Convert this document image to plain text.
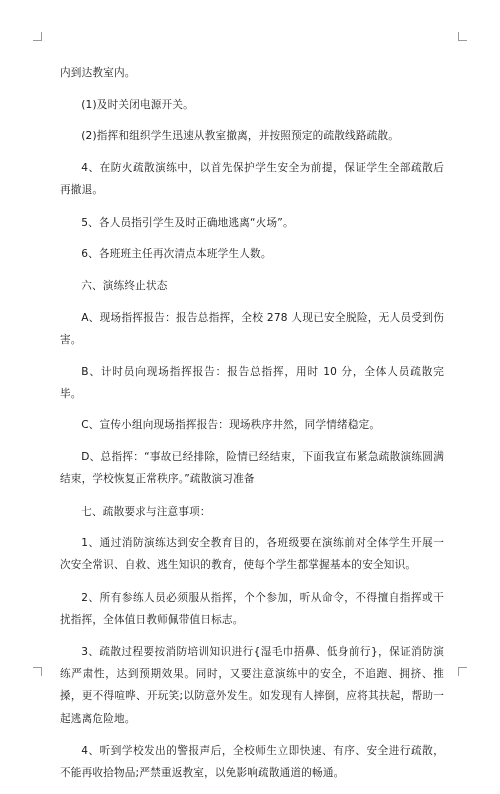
内到达教室内。

(1)及时关闭电源开关。

(2)指挥和组织学生迅速从教室撤离，并按照预定的疏散线路疏散。

4、在防火疏散演练中，以首先保护学生安全为前提，保证学生全部疏散后再撤退。

5、各人员指引学生及时正确地逃离“火场”。

6、各班班主任再次清点本班学生人数。

六、演练终止状态

A、现场指挥报告：报告总指挥，全校 278 人现已安全脱险，无人员受到伤害。

B、计时员向现场指挥报告：报告总指挥，用时 10 分，全体人员疏散完毕。

C、宣传小组向现场指挥报告：现场秩序井然，同学情绪稳定。

D、总指挥：“事故已经排除，险情已经结束，下面我宣布紧急疏散演练圆满结束，学校恢复正常秩序。”疏散演习准备

七、疏散要求与注意事项：

1、通过消防演练达到安全教育目的，各班级要在演练前对全体学生开展一次安全常识、自救、逃生知识的教育，使每个学生都掌握基本的安全知识。

2、所有参练人员必须服从指挥，个个参加，听从命令，不得擅自指挥或干扰指挥，全体值日教师佩带值日标志。

3、疏散过程要按消防培训知识进行{湿毛巾捂鼻、低身前行}，保证消防演练严肃性，达到预期效果。同时，又要注意演练中的安全，不追跑、拥挤、推搡，更不得喧哗、开玩笑;以防意外发生。如发现有人摔倒，应将其扶起，帮助一起逃离危险地。

4、听到学校发出的警报声后，全校师生立即快速、有序、安全进行疏散，不能再收拾物品;严禁重返教室，以免影响疏散通道的畅通。
